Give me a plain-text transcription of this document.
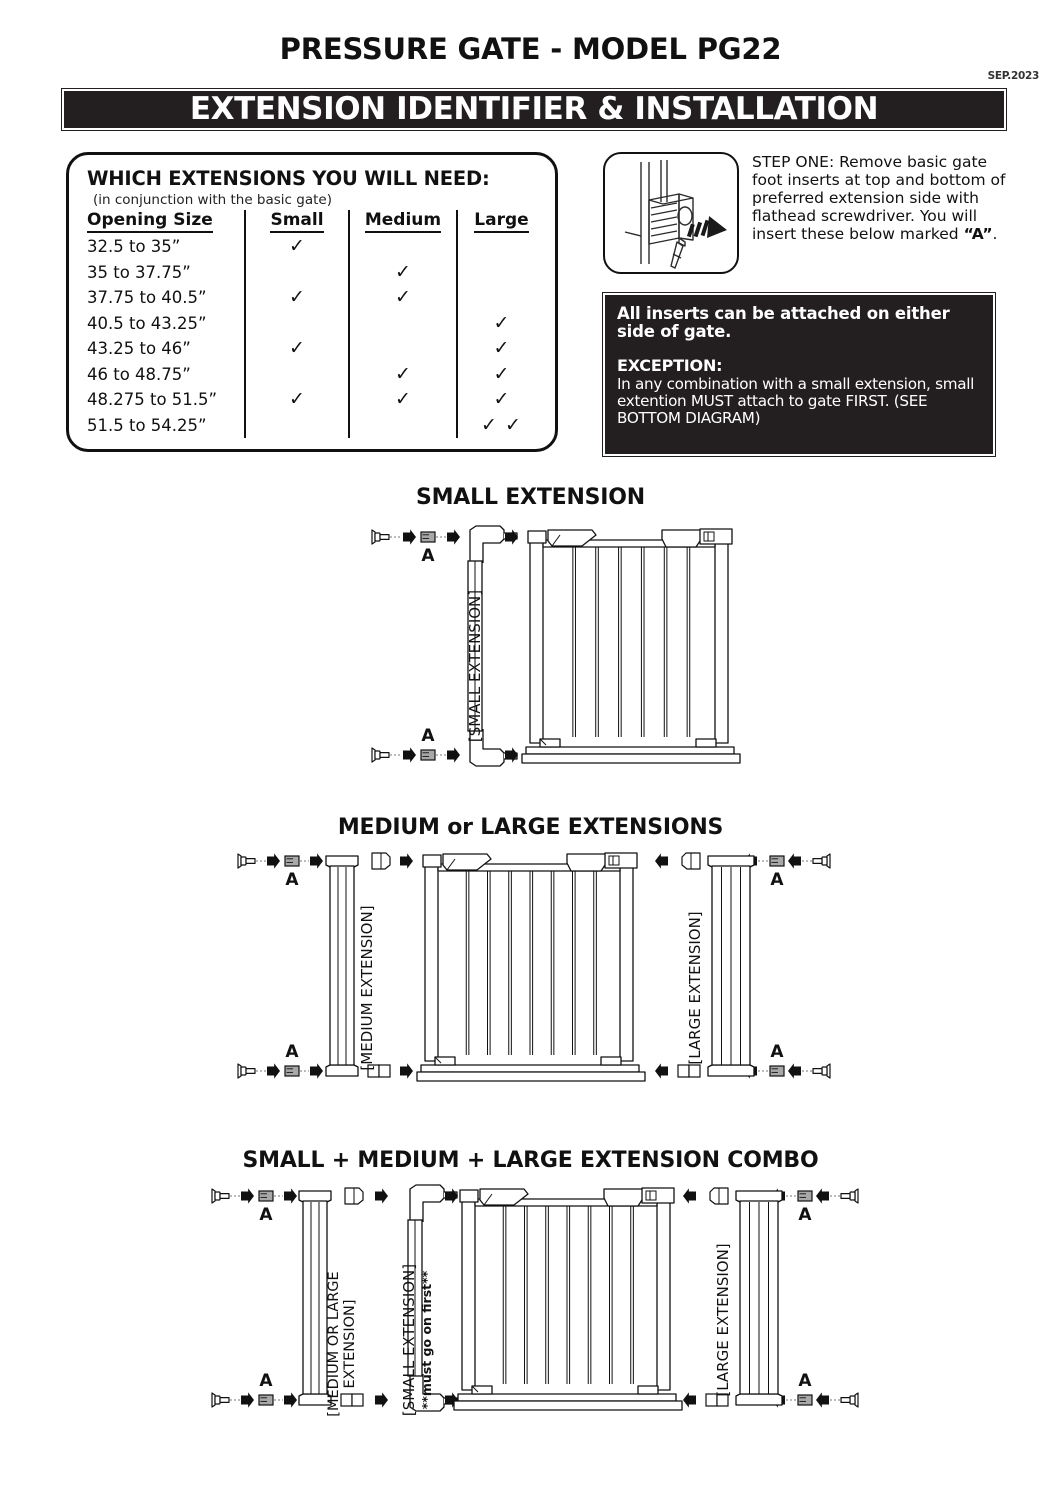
PRESSURE GATE - MODEL PG22
SEP.2023
EXTENSION IDENTIFIER & INSTALLATION
WHICH EXTENSIONS YOU WILL NEED:
(in conjunction with the basic gate)
Opening Size	Small	Medium	Large
32.5 to 35”	✓		
35 to 37.75”		✓	
37.75 to 40.5”	✓	✓	
40.5 to 43.25”			✓
43.25 to 46”	✓		✓
46 to 48.75”		✓	✓
48.275 to 51.5”	✓	✓	✓
51.5 to 54.25”			✓ ✓
STEP ONE: Remove basic gate foot inserts at top and bottom of preferred extension side with flathead screwdriver. You will insert these below marked “A”.
All inserts can be attached on either side of gate.
EXCEPTION:
In any combination with a small extension, small extention MUST attach to gate FIRST. (SEE BOTTOM DIAGRAM)
SMALL EXTENSION
A
A [SMALL EXTENSION]
MEDIUM or LARGE EXTENSIONS
A
A	[MEDIUM EXTENSION]
A
A
[LARGE EXTENSION]
SMALL + MEDIUM + LARGE EXTENSION COMBO
A
A	[MEDIUM OR LARGE EXTENSION]	[SMALL EXTENSION] **must go on first**
A
A
[LARGE EXTENSION]
